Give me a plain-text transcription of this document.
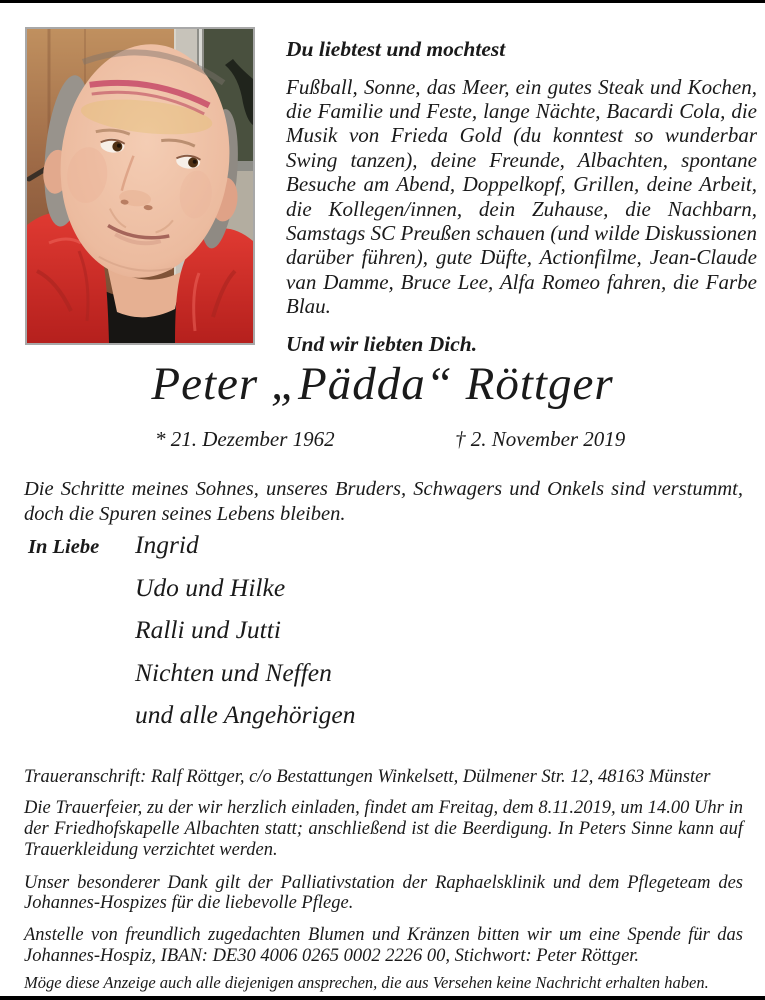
Du liebtest und mochtest
Fußball, Sonne, das Meer, ein gutes Steak und Kochen, die Familie und Feste, lange Nächte, Bacardi Cola, die Musik von Frieda Gold (du konntest so wunderbar Swing tanzen), deine Freunde, Albachten, spontane Besuche am Abend, Doppelkopf, Grillen, deine Arbeit, die Kollegen/innen, dein Zuhause, die Nachbarn, Samstags SC Preußen schauen (und wilde Diskussionen darüber führen), gute Düfte, Actionfilme, Jean-Claude van Damme, Bruce Lee, Alfa Romeo fahren, die Farbe Blau.
Und wir liebten Dich.
Peter „Pädda“ Röttger
* 21. Dezember 1962	† 2. November 2019
Die Schritte meines Sohnes, unseres Bruders, Schwagers und Onkels sind verstummt, doch die Spuren seines Lebens bleiben.
In Liebe Ingrid
Udo und Hilke
Ralli und Jutti
Nichten und Neffen
und alle Angehörigen

Traueranschrift: Ralf Röttger, c/o Bestattungen Winkelsett, Dülmener Str. 12, 48163 Münster

Die Trauerfeier, zu der wir herzlich einladen, findet am Freitag, dem 8.11.2019, um 14.00 Uhr in der Friedhofskapelle Albachten statt; anschließend ist die Beerdigung. In Peters Sinne kann auf Trauerkleidung verzichtet werden.

Unser besonderer Dank gilt der Palliativstation der Raphaelsklinik und dem Pflegeteam des Johannes-Hospizes für die liebevolle Pflege.

Anstelle von freundlich zugedachten Blumen und Kränzen bitten wir um eine Spende für das Johannes-Hospiz, IBAN: DE30 4006 0265 0002 2226 00, Stichwort: Peter Röttger.

Möge diese Anzeige auch alle diejenigen ansprechen, die aus Versehen keine Nachricht erhalten haben.
